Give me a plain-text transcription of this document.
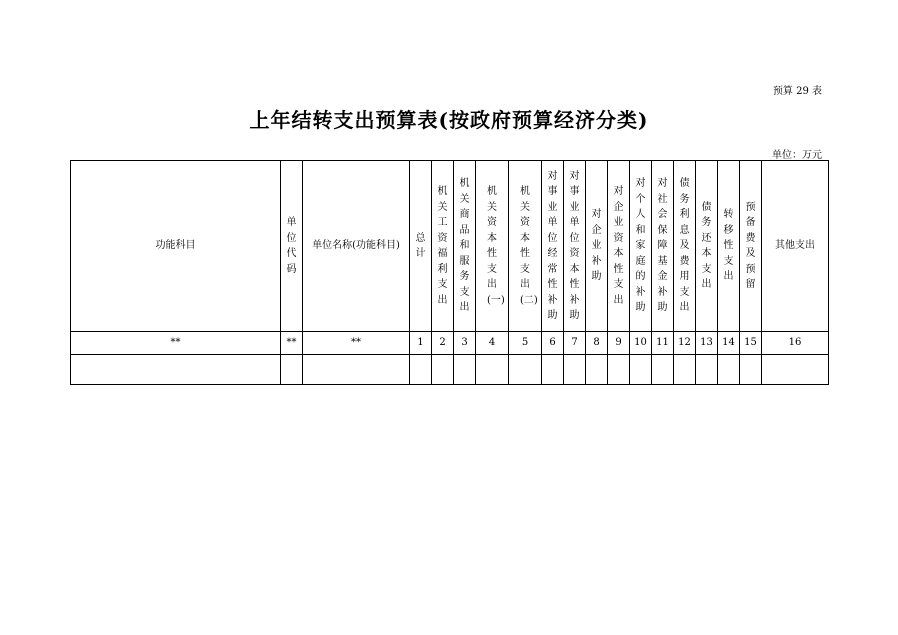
预算 29 表
上年结转支出预算表(按政府预算经济分类)
单位：万元
功能科目	单位代码	单位名称(功能科目)	总计	机关工资福利支出	机关商品和服务支出	机关资本性支出(一)	机关资本性支出(二)	对事业单位经常性补助	对事业单位资本性补助	对企业补助	对企业资本性支出	对个人和家庭的补助	对社会保障基金补助	债务利息及费用支出	债务还本支出	转移性支出	预备费及预留	其他支出
**	**	**	1	2	3	4	5	6	7	8	9	10	11	12	13	14	15	16
